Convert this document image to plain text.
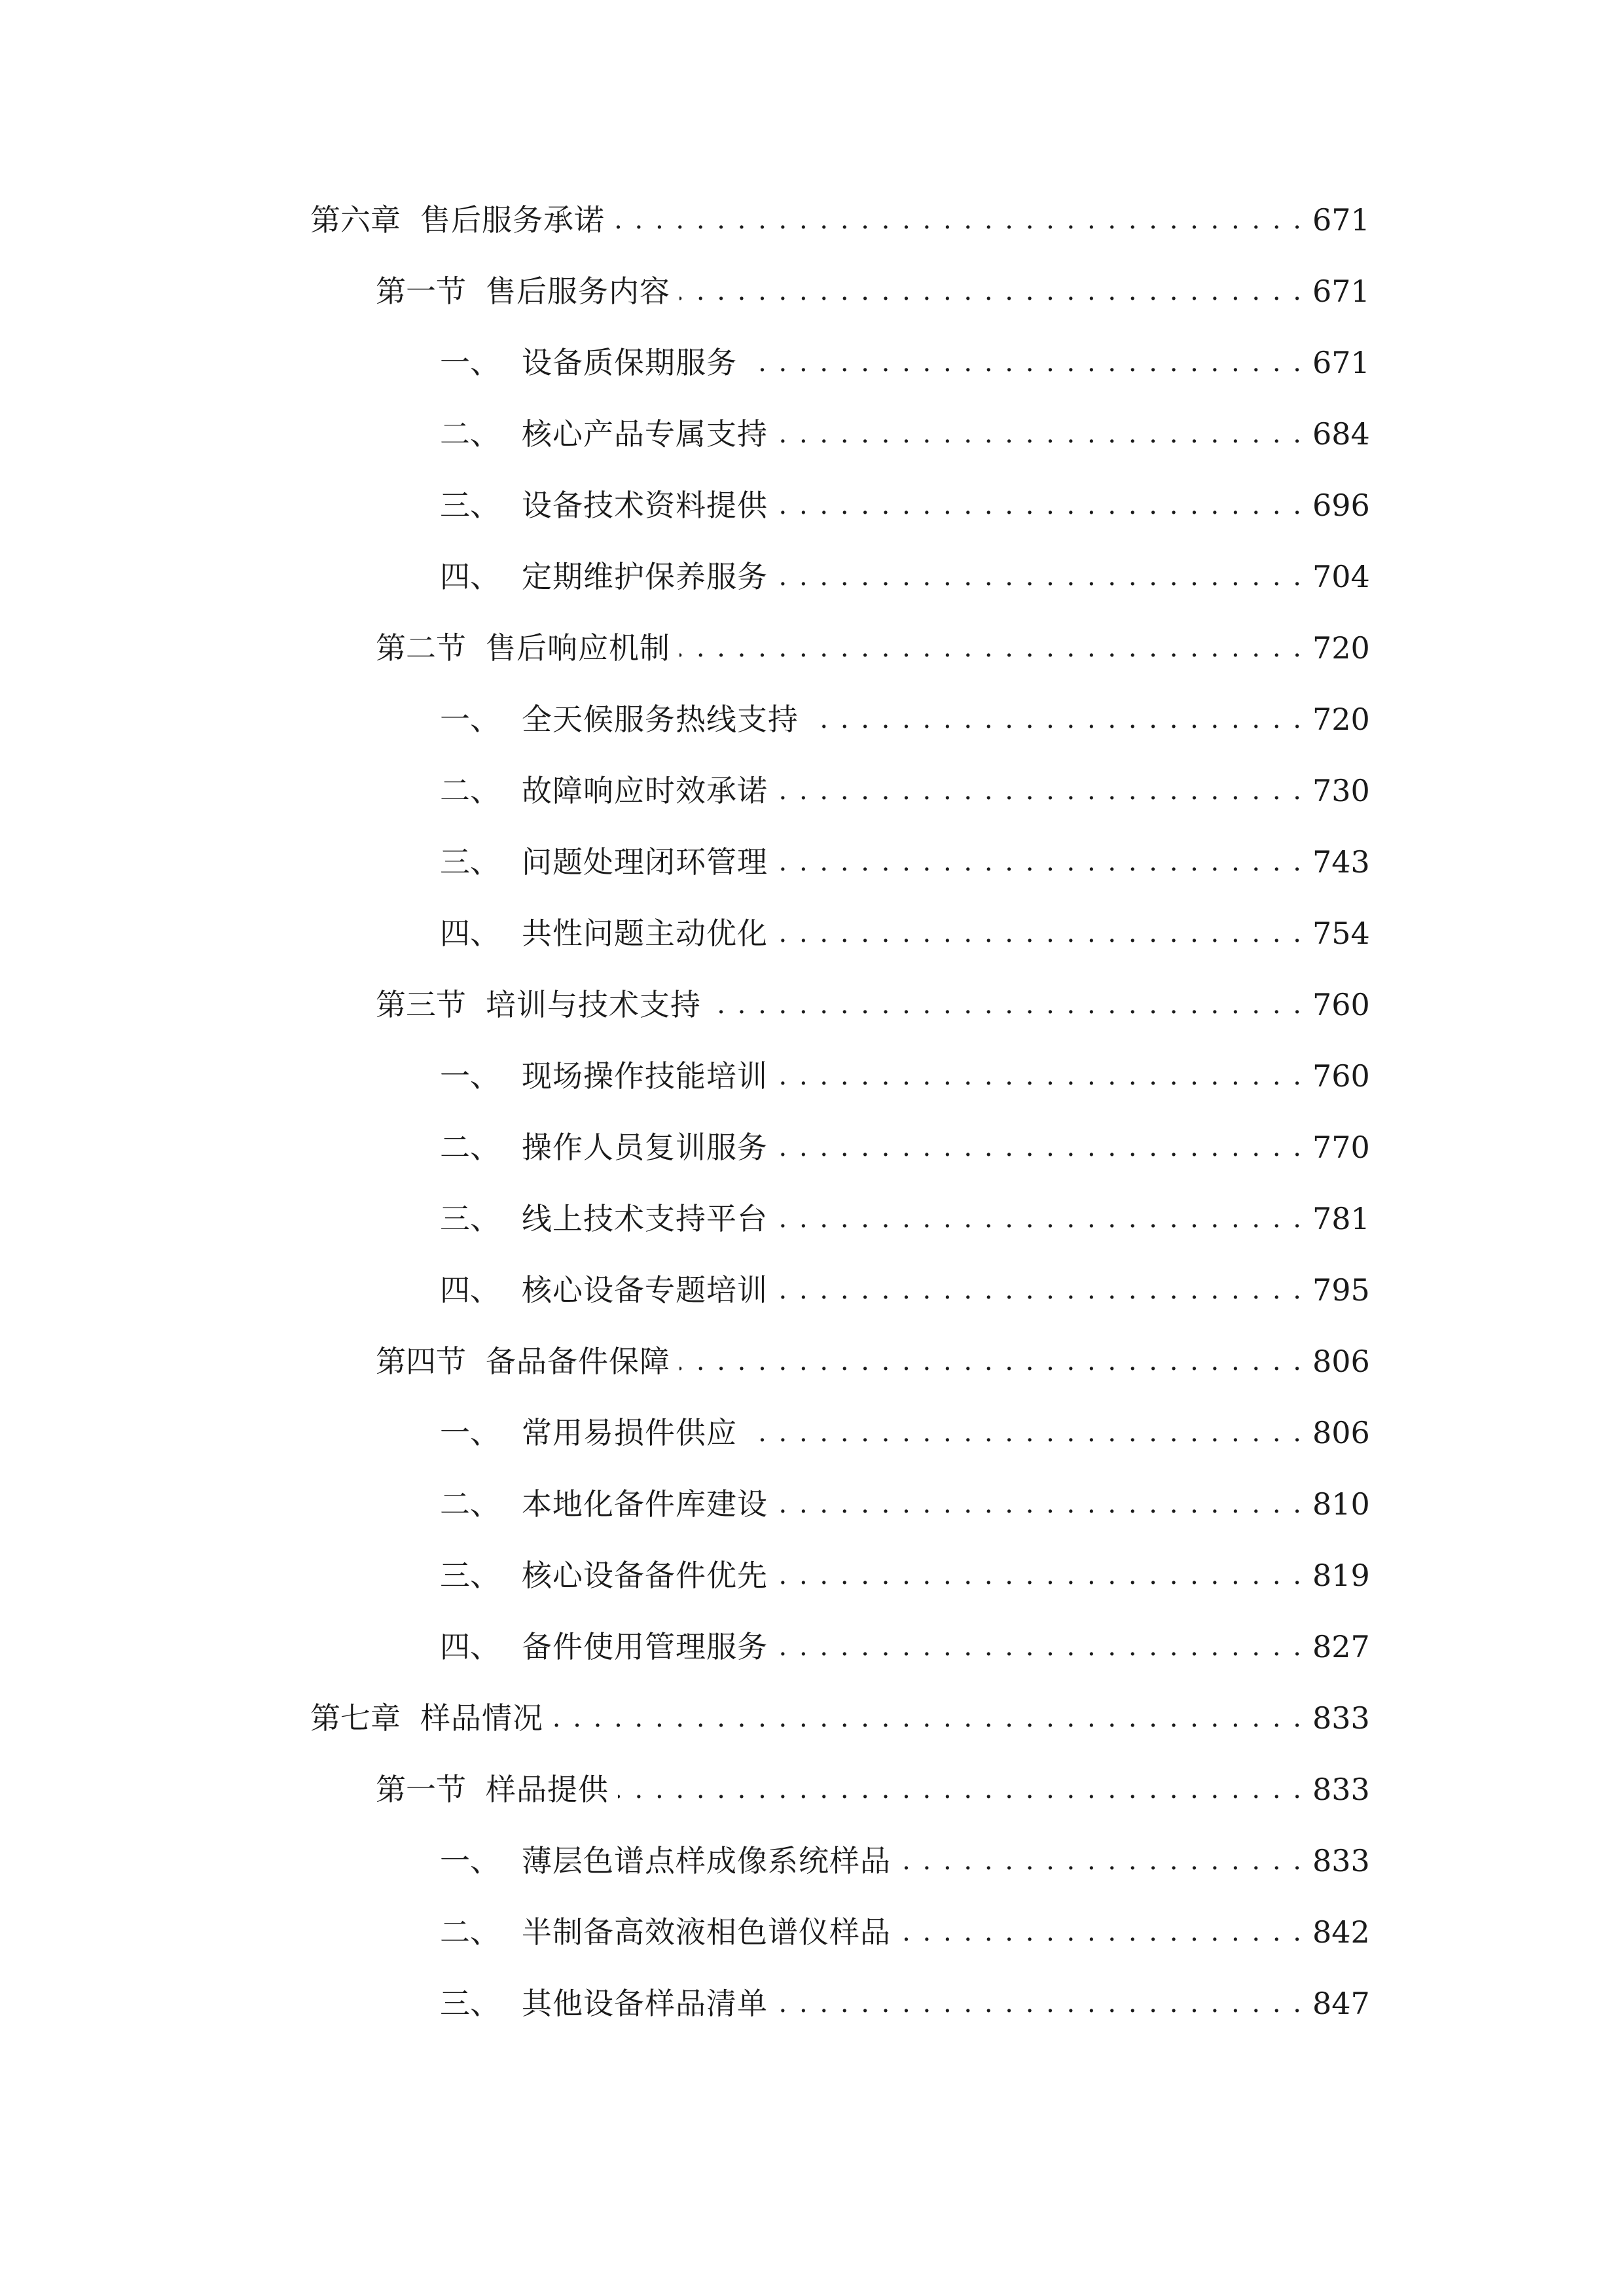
第六章 售后服务承诺 . . .	671
第一节 售后服务内容 . . .	671
一、 设备质保期服务 . . .	671
二、 核心产品专属支持 . . .	684
三、 设备技术资料提供 . . .	696
四、 定期维护保养服务 . . .	704
第二节 售后响应机制 . . .	720
一、 全天候服务热线支持 . . .	720
二、 故障响应时效承诺 . . .	730
三、 问题处理闭环管理 . . .	743
四、 共性问题主动优化 . . .	754
第三节 培训与技术支持 . . .	760
一、 现场操作技能培训 . . .	760
二、 操作人员复训服务 . . .	770
三、 线上技术支持平台 . . .	781
四、 核心设备专题培训 . . .	795
第四节 备品备件保障 . . .	806
一、 常用易损件供应 . . .	806
二、 本地化备件库建设 . . .	810
三、 核心设备备件优先 . . .	819
四、 备件使用管理服务 . . .	827
第七章 样品情况 . . .	833
第一节 样品提供 . . .	833
一、 薄层色谱点样成像系统样品 . . .	833
二、 半制备高效液相色谱仪样品 . . .	842
三、 其他设备样品清单 . . .	847
